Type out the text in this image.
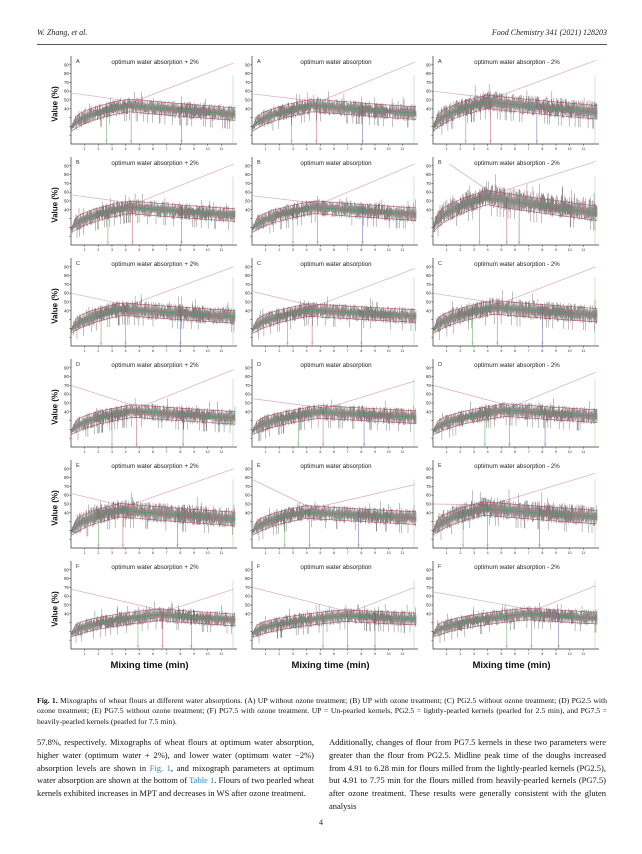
W. Zhang, et al.	Food Chemistry 341 (2021) 128203
Value (%) 40
50
60
70
80
90
1	2	3	4	5	6	7	8	9	10	11
A	optimum water absorption + 2%
40
50
60
70
80
90
1	2	3	4	5	6	7	8	9	10	11
A	optimum water absorption
40
50
60
70
80
90
1	2	3	4	5	6	7	8	9	10	11
A	optimum water absorption - 2%
Value (%) 40
50
60
70
80
90
1	2	3	4	5	6	7	8	9	10	11
B	optimum water absorption + 2%
40
50
60
70
80
90
1	2	3	4	5	6	7	8	9	10	11
B	optimum water absorption
40
50
60
70
80
90
1	2	3	4	5	6	7	8	9	10	11
B	optimum water absorption - 2%
Value (%) 40
50
60
70
80
90
1	2	3	4	5	6	7	8	9	10	11
C	optimum water absorption + 2%
40
50
60
70
80
90
1	2	3	4	5	6	7	8	9	10	11
C	optimum water absorption
40
50
60
70
80
90
1	2	3	4	5	6	7	8	9	10	11
C	optimum water absorption - 2%
Value (%) 40
50
60
70
80
90
1	2	3	4	5	6	7	8	9	10	11
D	optimum water absorption + 2%
40
50
60
70
80
90
1	2	3	4	5	6	7	8	9	10	11
D	optimum water absorption
40
50
60
70
80
90
1	2	3	4	5	6	7	8	9	10	11
D	optimum water absorption - 2%
Value (%) 40
50
60
70
80
90
1	2	3	4	5	6	7	8	9	10	11
E	optimum water absorption + 2%
40
50
60
70
80
90
1	2	3	4	5	6	7	8	9	10	11
E	optimum water absorption
40
50
60
70
80
90
1	2	3	4	5	6	7	8	9	10	11
E	optimum water absorption - 2%
Value (%) 40
50
60
70
80
90
1	2	3	4	5	6	7	8	9	10	11
F	optimum water absorption + 2%
40
50
60
70
80
90
1	2	3	4	5	6	7	8	9	10	11
F	optimum water absorption
40
50
60
70
80
90
1	2	3	4	5	6	7	8	9	10	11
F	optimum water absorption - 2%
Mixing time (min)	Mixing time (min)	Mixing time (min)

Fig. 1. Mixographs of wheat flours at different water absorptions. (A) UP without ozone treatment; (B) UP with ozone treatment; (C) PG2.5 without ozone treatment; (D) PG2.5 with ozone treatment; (E) PG7.5 without ozone treatment; (F) PG7.5 with ozone treatment. UP = Un-pearled kernels, PG2.5 = lightly-pearled kernels (pearled for 2.5 min), and PG7.5 = heavily-pearled kernels (pearled for 7.5 min).

57.8%, respectively. Mixographs of wheat flours at optimum water absorption, higher water (optimum water + 2%), and lower water (optimum water −2%) absorption levels are shown in Fig. 1, and mixograph parameters at optimum water absorption are shown at the bottom of Table 1. Flours of two pearled wheat kernels exhibited increases in MPT and decreases in WS after ozone treatment.
Additionally, changes of flour from PG7.5 kernels in these two parameters were greater than the flour from PG2.5. Midline peak time of the doughs increased from 4.91 to 6.28 min for flours milled from the lightly-pearled kernels (PG2.5), but 4.91 to 7.75 min for the flours milled from heavily-pearled kernels (PG7.5) after ozone treatment. These results were generally consistent with the gluten analysis
4
